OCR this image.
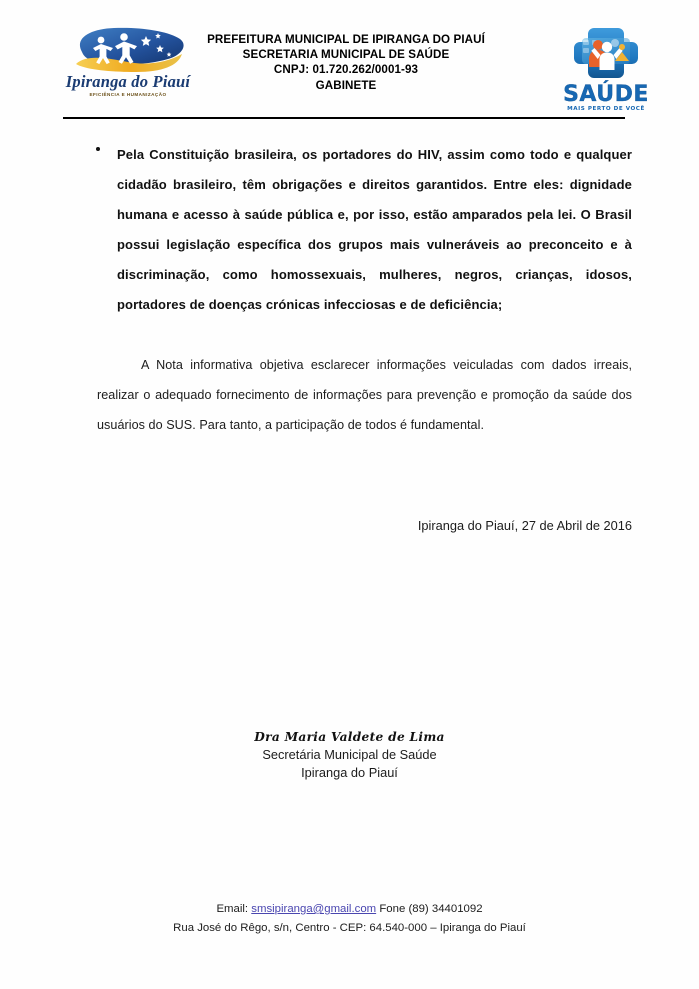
Ipiranga do Piauí
EFICIÊNCIA E HUMANIZAÇÃO
PREFEITURA MUNICIPAL DE IPIRANGA DO PIAUÍ
SECRETARIA MUNICIPAL DE SAÚDE
CNPJ: 01.720.262/0001-93
GABINETE	SAÚDE
MAIS PERTO DE VOCÊ
Pela Constituição brasileira, os portadores do HIV, assim como todo e qualquer cidadão brasileiro, têm obrigações e direitos garantidos. Entre eles: dignidade humana e acesso à saúde pública e, por isso, estão amparados pela lei. O Brasil possui legislação específica dos grupos mais vulneráveis ao preconceito e à discriminação, como homossexuais, mulheres, negros, crianças, idosos, portadores de doenças crónicas infecciosas e de deficiência;

A Nota informativa objetiva esclarecer informações veiculadas com dados irreais, realizar o adequado fornecimento de informações para prevenção e promoção da saúde dos usuários do SUS. Para tanto, a participação de todos é fundamental.

Ipiranga do Piauí, 27 de Abril de 2016
Dra Maria Valdete de Lima
Secretária Municipal de Saúde
Ipiranga do Piauí
Email: smsipiranga@gmail.com Fone (89) 34401092
Rua José do Rêgo, s/n, Centro - CEP: 64.540-000 – Ipiranga do Piauí
